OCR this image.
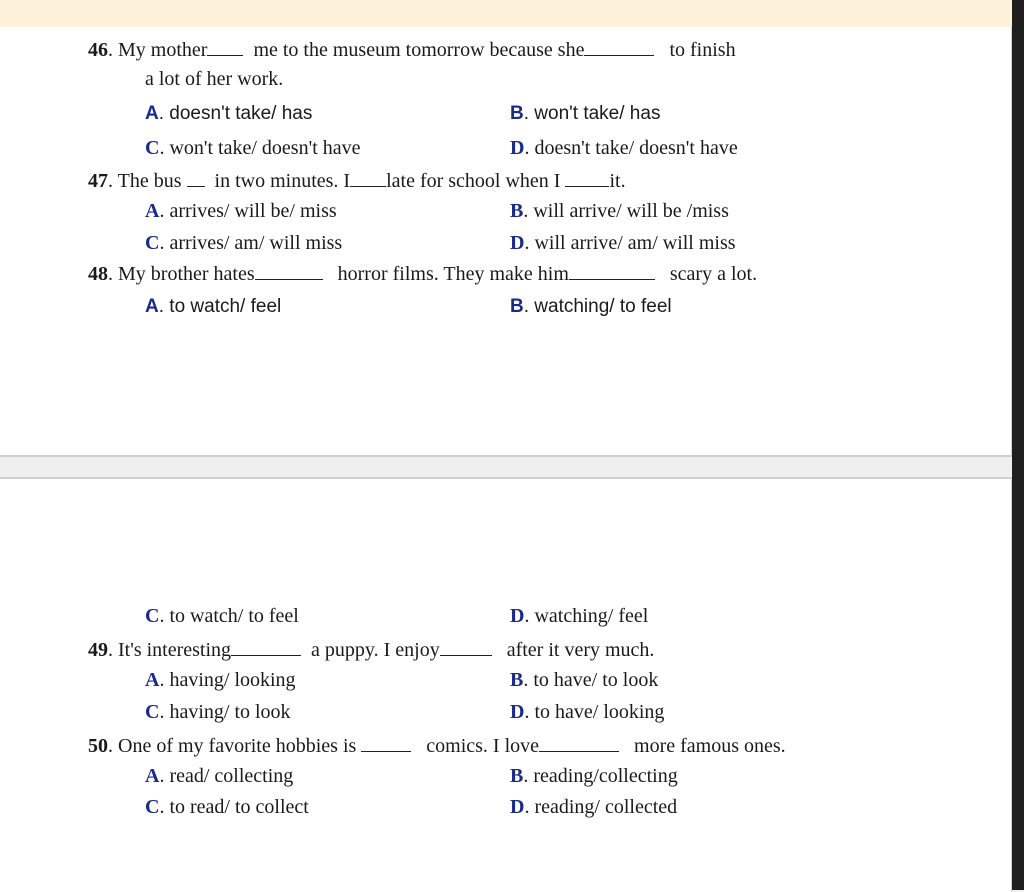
46. My mother me to the museum tomorrow because she	to finish
a lot of her work.
A. doesn't take/ has	B. won't take/ has
C. won't take/ doesn't have	D. doesn't take/ doesn't have
47. The bus in two minutes. I late for school when I it.
A. arrives/ will be/ miss	B. will arrive/ will be /miss
C. arrives/ am/ will miss	D. will arrive/ am/ will miss
48. My brother hates	horror films. They make him	scary a lot.
A. to watch/ feel	B. watching/ to feel
C. to watch/ to feel	D. watching/ feel
49. It's interesting	a puppy. I enjoy	after it very much.
A. having/ looking	B. to have/ to look
C. having/ to look	D. to have/ looking
50. One of my favorite hobbies is	comics. I love	more famous ones.
A. read/ collecting	B. reading/collecting
C. to read/ to collect	D. reading/ collected
